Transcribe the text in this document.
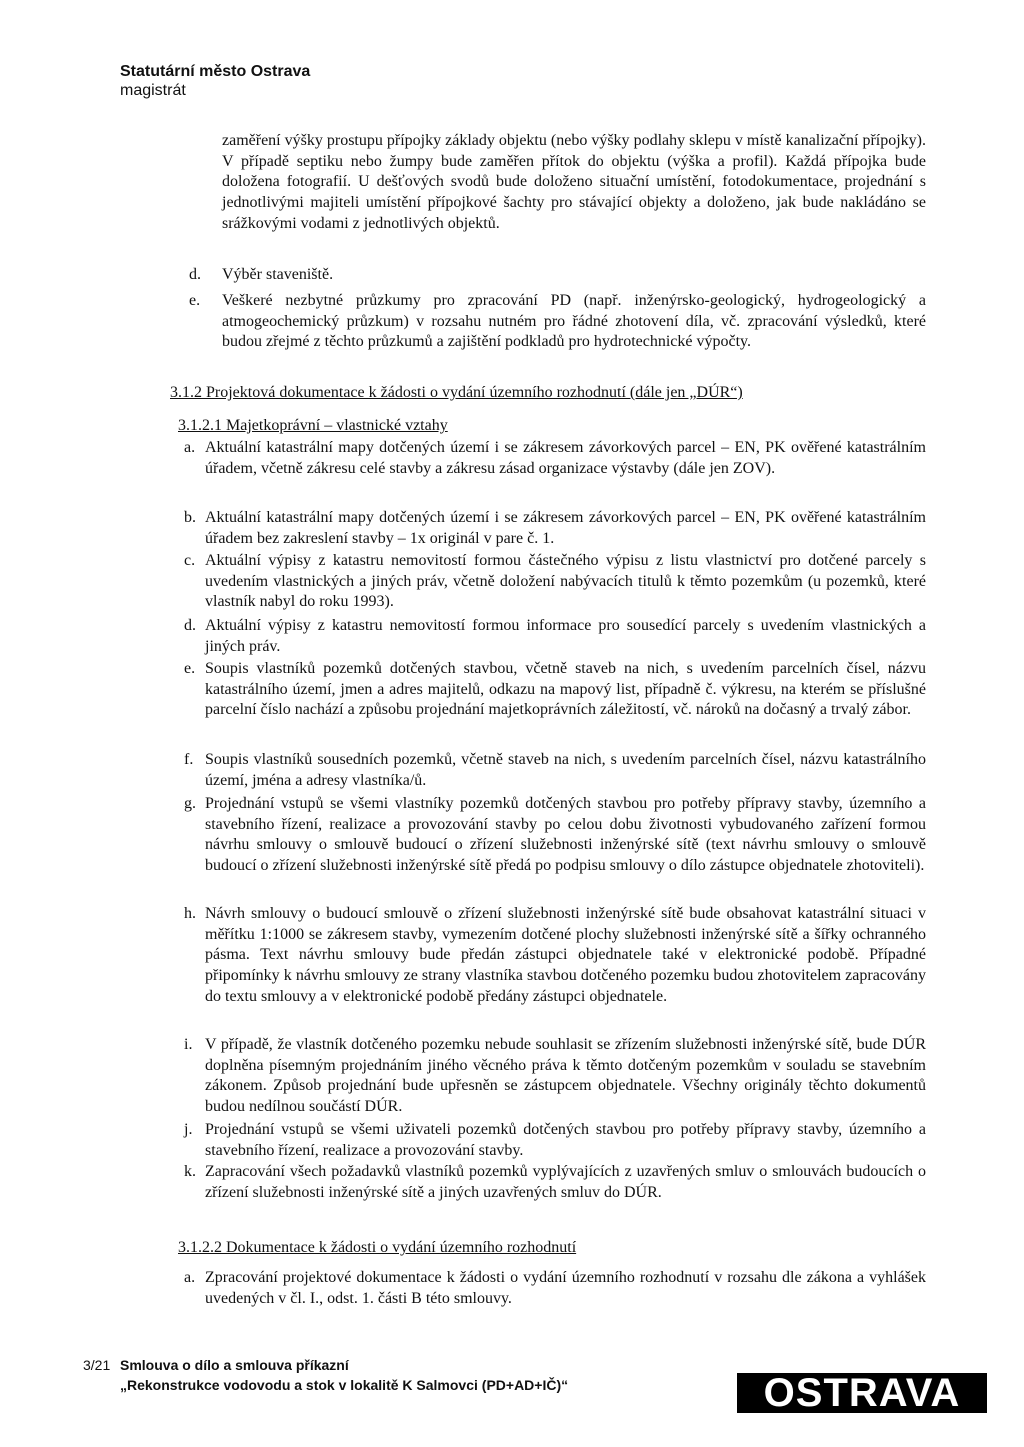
Statutární město Ostrava
magistrát
zaměření výšky prostupu přípojky základy objektu (nebo výšky podlahy sklepu v místě kanalizační přípojky). V případě septiku nebo žumpy bude zaměřen přítok do objektu (výška a profil). Každá přípojka bude doložena fotografií. U dešťových svodů bude doloženo situační umístění, fotodokumentace, projednání s jednotlivými majiteli umístění přípojkové šachty pro stávající objekty a doloženo, jak bude nakládáno se srážkovými vodami z jednotlivých objektů.
d. Výběr staveniště.
e. Veškeré nezbytné průzkumy pro zpracování PD (např. inženýrsko-geologický, hydrogeologický a atmogeochemický průzkum) v rozsahu nutném pro řádné zhotovení díla, vč. zpracování výsledků, které budou zřejmé z těchto průzkumů a zajištění podkladů pro hydrotechnické výpočty.
3.1.2 Projektová dokumentace k žádosti o vydání územního rozhodnutí (dále jen „DÚR“)
3.1.2.1 Majetkoprávní – vlastnické vztahy
a. Aktuální katastrální mapy dotčených území i se zákresem závorkových parcel – EN, PK ověřené katastrálním úřadem, včetně zákresu celé stavby a zákresu zásad organizace výstavby (dále jen ZOV).
b. Aktuální katastrální mapy dotčených území i se zákresem závorkových parcel – EN, PK ověřené katastrálním úřadem bez zakreslení stavby – 1x originál v pare č. 1.
c. Aktuální výpisy z katastru nemovitostí formou částečného výpisu z listu vlastnictví pro dotčené parcely s uvedením vlastnických a jiných práv, včetně doložení nabývacích titulů k těmto pozemkům (u pozemků, které vlastník nabyl do roku 1993).
d. Aktuální výpisy z katastru nemovitostí formou informace pro sousedící parcely s uvedením vlastnických a jiných práv.
e. Soupis vlastníků pozemků dotčených stavbou, včetně staveb na nich, s uvedením parcelních čísel, názvu katastrálního území, jmen a adres majitelů, odkazu na mapový list, případně č. výkresu, na kterém se příslušné parcelní číslo nachází a způsobu projednání majetkoprávních záležitostí, vč. nároků na dočasný a trvalý zábor.
f. Soupis vlastníků sousedních pozemků, včetně staveb na nich, s uvedením parcelních čísel, názvu katastrálního území, jména a adresy vlastníka/ů.
g. Projednání vstupů se všemi vlastníky pozemků dotčených stavbou pro potřeby přípravy stavby, územního a stavebního řízení, realizace a provozování stavby po celou dobu životnosti vybudovaného zařízení formou návrhu smlouvy o smlouvě budoucí o zřízení služebnosti inženýrské sítě (text návrhu smlouvy o smlouvě budoucí o zřízení služebnosti inženýrské sítě předá po podpisu smlouvy o dílo zástupce objednatele zhotoviteli).
h. Návrh smlouvy o budoucí smlouvě o zřízení služebnosti inženýrské sítě bude obsahovat katastrální situaci v měřítku 1:1000 se zákresem stavby, vymezením dotčené plochy služebnosti inženýrské sítě a šířky ochranného pásma. Text návrhu smlouvy bude předán zástupci objednatele také v elektronické podobě. Případné připomínky k návrhu smlouvy ze strany vlastníka stavbou dotčeného pozemku budou zhotovitelem zapracovány do textu smlouvy a v elektronické podobě předány zástupci objednatele.
i. V případě, že vlastník dotčeného pozemku nebude souhlasit se zřízením služebnosti inženýrské sítě, bude DÚR doplněna písemným projednáním jiného věcného práva k těmto dotčeným pozemkům v souladu se stavebním zákonem. Způsob projednání bude upřesněn se zástupcem objednatele. Všechny originály těchto dokumentů budou nedílnou součástí DÚR.
j. Projednání vstupů se všemi uživateli pozemků dotčených stavbou pro potřeby přípravy stavby, územního a stavebního řízení, realizace a provozování stavby.
k. Zapracování všech požadavků vlastníků pozemků vyplývajících z uzavřených smluv o smlouvách budoucích o zřízení služebnosti inženýrské sítě a jiných uzavřených smluv do DÚR.
3.1.2.2 Dokumentace k žádosti o vydání územního rozhodnutí
a. Zpracování projektové dokumentace k žádosti o vydání územního rozhodnutí v rozsahu dle zákona a vyhlášek uvedených v čl. I., odst. 1. části B této smlouvy.
3/21 Smlouva o dílo a smlouva příkazní
„Rekonstrukce vodovodu a stok v lokalitě K Salmovci (PD+AD+IČ)“	OSTRAVA
